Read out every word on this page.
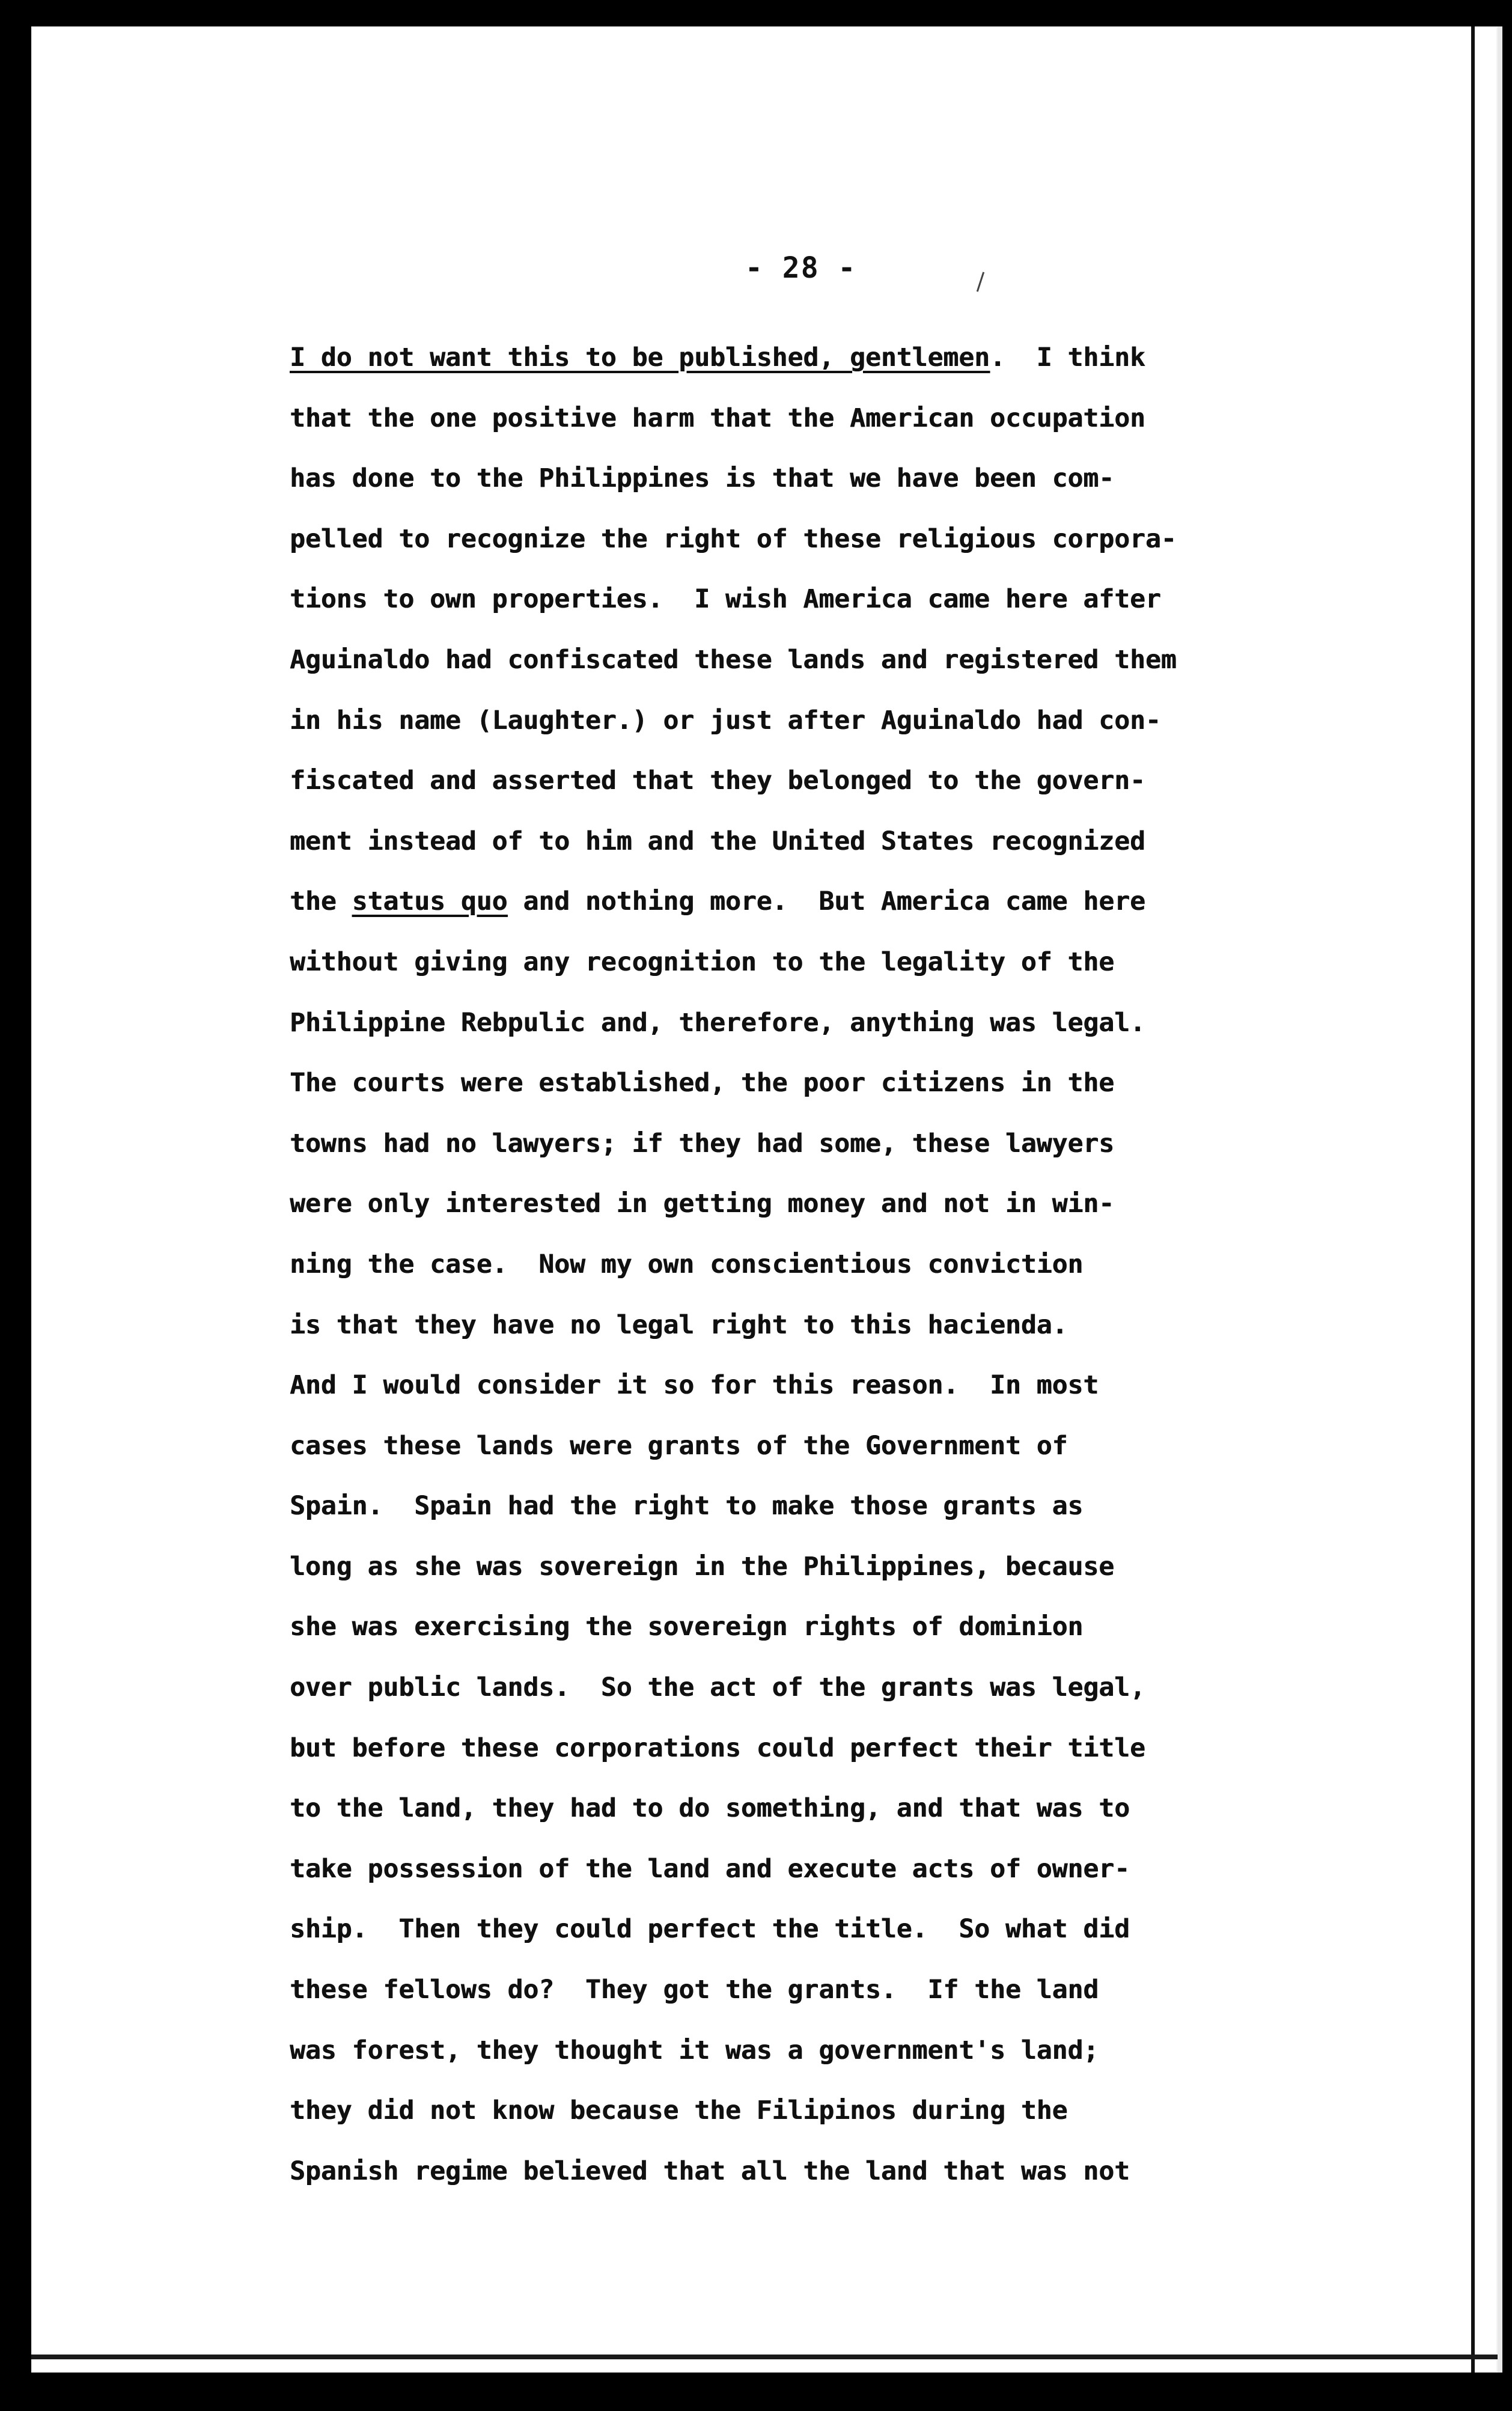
- 28 -
I do not want this to be published, gentlemen.  I think
that the one positive harm that the American occupation
has done to the Philippines is that we have been com-
pelled to recognize the right of these religious corpora-
tions to own properties.  I wish America came here after
Aguinaldo had confiscated these lands and registered them
in his name (Laughter.) or just after Aguinaldo had con-
fiscated and asserted that they belonged to the govern-
ment instead of to him and the United States recognized
the status quo and nothing more.  But America came here
without giving any recognition to the legality of the
Philippine Rebpulic and, therefore, anything was legal.
The courts were established, the poor citizens in the
towns had no lawyers; if they had some, these lawyers
were only interested in getting money and not in win-
ning the case.  Now my own conscientious conviction
is that they have no legal right to this hacienda.
And I would consider it so for this reason.  In most
cases these lands were grants of the Government of
Spain.  Spain had the right to make those grants as
long as she was sovereign in the Philippines, because
she was exercising the sovereign rights of dominion
over public lands.  So the act of the grants was legal,
but before these corporations could perfect their title
to the land, they had to do something, and that was to
take possession of the land and execute acts of owner-
ship.  Then they could perfect the title.  So what did
these fellows do?  They got the grants.  If the land
was forest, they thought it was a government's land;
they did not know because the Filipinos during the
Spanish regime believed that all the land that was not
